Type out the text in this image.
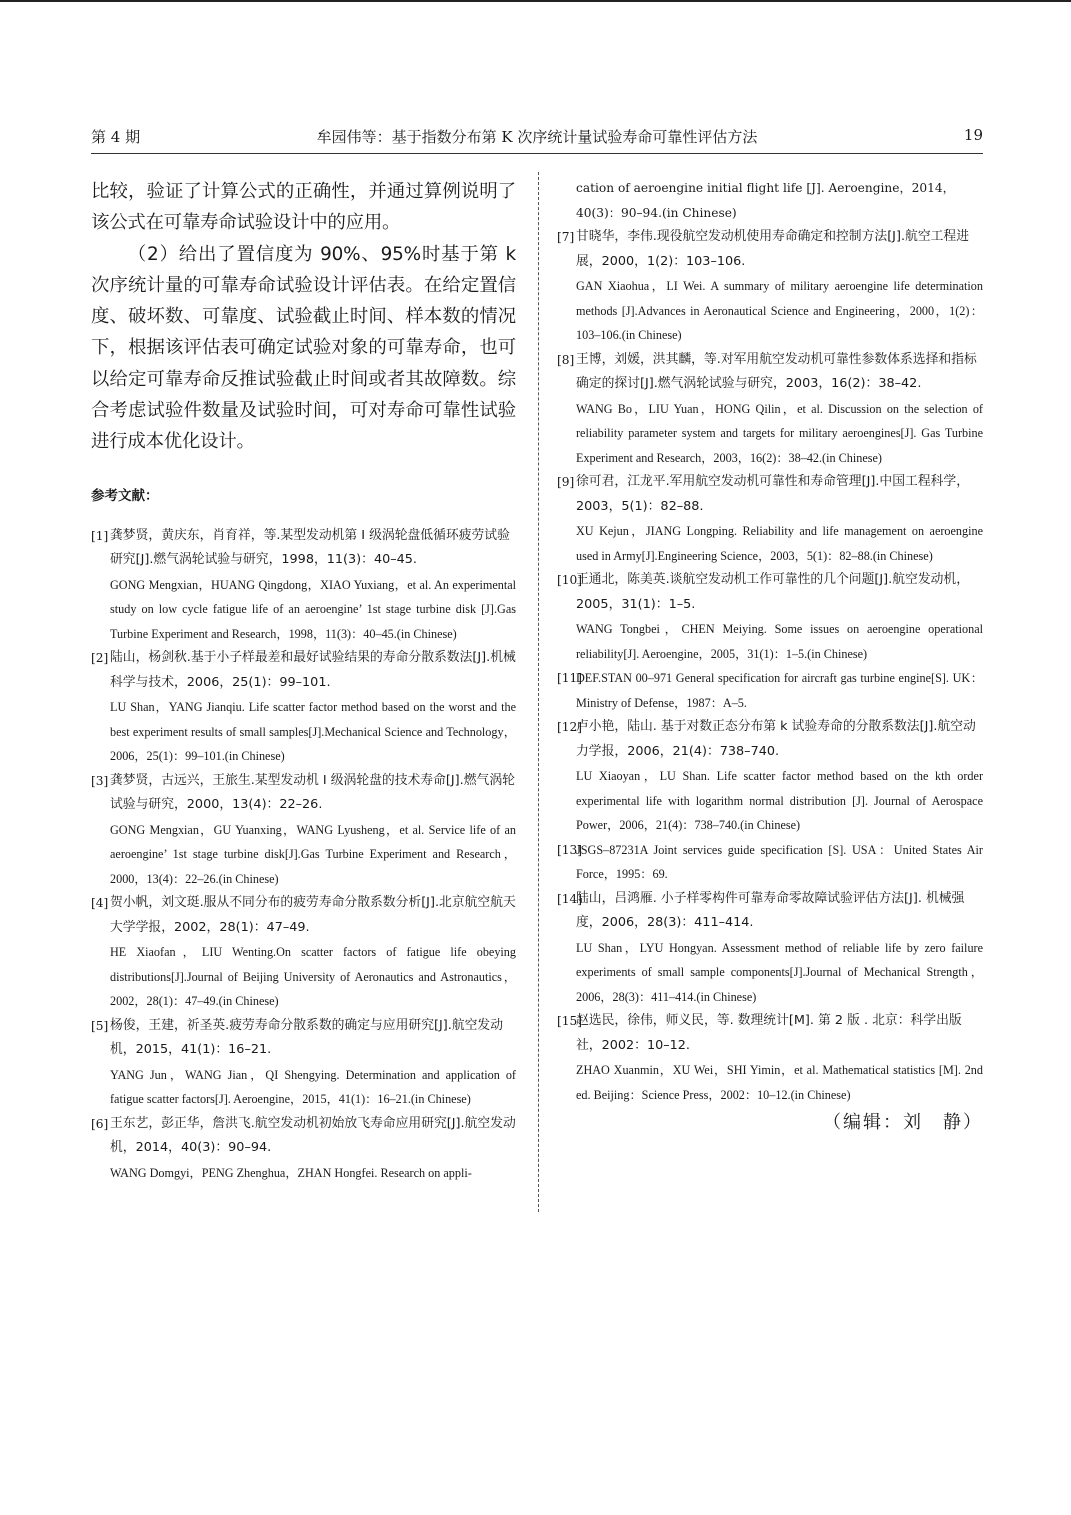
第 4 期	牟园伟等：基于指数分布第 K 次序统计量试验寿命可靠性评估方法	19

比较，验证了计算公式的正确性，并通过算例说明了该公式在可靠寿命试验设计中的应用。

（2）给出了置信度为 90%、95%时基于第 k 次序统计量的可靠寿命试验设计评估表。在给定置信度、破坏数、可靠度、试验截止时间、样本数的情况下，根据该评估表可确定试验对象的可靠寿命，也可以给定可靠寿命反推试验截止时间或者其故障数。综合考虑试验件数量及试验时间，可对寿命可靠性试验进行成本优化设计。

参考文献：
[1] 龚梦贤，黄庆东，肖育祥，等.某型发动机第 I 级涡轮盘低循环疲劳试验研究[J].燃气涡轮试验与研究，1998，11(3)：40–45.
GONG Mengxian，HUANG Qingdong，XIAO Yuxiang，et al. An experimental study on low cycle fatigue life of an aeroengine’ 1st stage turbine disk [J].Gas Turbine Experiment and Research，1998，11(3)：40–45.(in Chinese)
[2] 陆山，杨剑秋.基于小子样最差和最好试验结果的寿命分散系数法[J].机械科学与技术，2006，25(1)：99–101.
LU Shan，YANG Jianqiu. Life scatter factor method based on the worst and the best experiment results of small samples[J].Mechanical Science and Technology，2006，25(1)：99–101.(in Chinese)
[3] 龚梦贤，古远兴，王旅生.某型发动机 I 级涡轮盘的技术寿命[J].燃气涡轮试验与研究，2000，13(4)：22–26.
GONG Mengxian，GU Yuanxing，WANG Lyusheng，et al. Service life of an aeroengine’ 1st stage turbine disk[J].Gas Turbine Experiment and Research，2000，13(4)：22–26.(in Chinese)
[4] 贺小帆，刘文珽.服从不同分布的疲劳寿命分散系数分析[J].北京航空航天大学学报，2002，28(1)：47–49.
HE Xiaofan，LIU Wenting.On scatter factors of fatigue life obeying distributions[J].Journal of Beijing University of Aeronautics and Astronautics，2002，28(1)：47–49.(in Chinese)
[5] 杨俊，王建，祈圣英.疲劳寿命分散系数的确定与应用研究[J].航空发动机，2015，41(1)：16–21.
YANG Jun，WANG Jian，QI Shengying. Determination and application of fatigue scatter factors[J]. Aeroengine，2015，41(1)：16–21.(in Chinese)
[6] 王东艺，彭正华，詹洪飞.航空发动机初始放飞寿命应用研究[J].航空发动机，2014，40(3)：90–94.
WANG Domgyi，PENG Zhenghua，ZHAN Hongfei. Research on appli-
cation of aeroengine initial flight life [J]. Aeroengine，2014，40(3)：90–94.(in Chinese)
[7] 甘晓华，李伟.现役航空发动机使用寿命确定和控制方法[J].航空工程进展，2000，1(2)：103–106.
GAN Xiaohua，LI Wei. A summary of military aeroengine life determination methods [J].Advances in Aeronautical Science and Engineering，2000，1(2)：103–106.(in Chinese)
[8] 王博，刘媛，洪其麟，等.对军用航空发动机可靠性参数体系选择和指标确定的探讨[J].燃气涡轮试验与研究，2003，16(2)：38–42.
WANG Bo，LIU Yuan，HONG Qilin，et al. Discussion on the selection of reliability parameter system and targets for military aeroengines[J]. Gas Turbine Experiment and Research，2003，16(2)：38–42.(in Chinese)
[9] 徐可君，江龙平.军用航空发动机可靠性和寿命管理[J].中国工程科学，2003，5(1)：82–88.
XU Kejun，JIANG Longping. Reliability and life management on aeroengine used in Army[J].Engineering Science，2003，5(1)：82–88.(in Chinese)
[10]
王通北，陈美英.谈航空发动机工作可靠性的几个问题[J].航空发动机，2005，31(1)：1–5.
WANG Tongbei，CHEN Meiying. Some issues on aeroengine operational reliability[J]. Aeroengine，2005，31(1)：1–5.(in Chinese)
[11]
DEF.STAN 00–971 General specification for aircraft gas turbine engine[S]. UK：Ministry of Defense，1987：A–5.
[12]
卢小艳，陆山. 基于对数正态分布第 k 试验寿命的分散系数法[J].航空动力学报，2006，21(4)：738–740.
LU Xiaoyan，LU Shan. Life scatter factor method based on the kth order experimental life with logarithm normal distribution [J]. Journal of Aerospace Power，2006，21(4)：738–740.(in Chinese)
[13]
JSGS–87231A Joint services guide specification [S]. USA：United States Air Force，1995：69.
[14]
陆山，吕鸿雁. 小子样零构件可靠寿命零故障试验评估方法[J]. 机械强度，2006，28(3)：411–414.
LU Shan，LYU Hongyan. Assessment method of reliable life by zero failure experiments of small sample components[J].Journal of Mechanical Strength，2006，28(3)：411–414.(in Chinese)
[15]
赵选民，徐伟，师义民，等. 数理统计[M]. 第 2 版 . 北京：科学出版社，2002：10–12.
ZHAO Xuanmin，XU Wei，SHI Yimin，et al. Mathematical statistics [M]. 2nd ed. Beijing：Science Press，2002：10–12.(in Chinese)
（编辑：刘　静）
